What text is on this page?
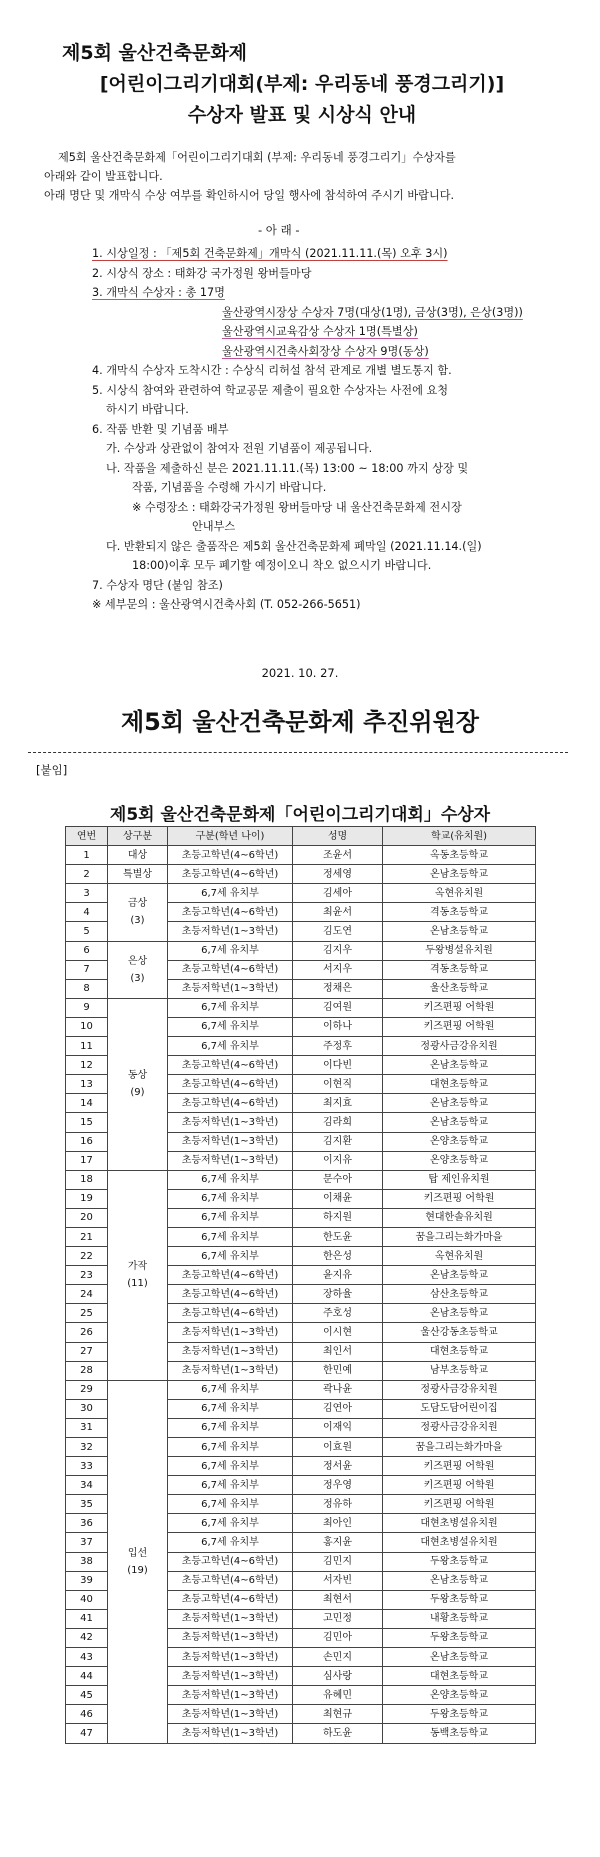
제5회 울산건축문화제
[어린이그리기대회(부제: 우리동네 풍경그리기)]
수상자 발표 및 시상식 안내

제5회 울산건축문화제「어린이그리기대회 (부제: 우리동네 풍경그리기」수상자를

아래와 같이 발표합니다.

아래 명단 및 개막식 수상 여부를 확인하시어 당일 행사에 참석하여 주시기 바랍니다.

- 아 래 -
1. 시상일정 : 「제5회 건축문화제」개막식 (2021.11.11.(목) 오후 3시)
2. 시상식 장소 : 태화강 국가정원 왕버들마당
3. 개막식 수상자 : 총 17명
울산광역시장상 수상자 7명(대상(1명), 금상(3명), 은상(3명))
울산광역시교육감상 수상자 1명(특별상)
울산광역시건축사회장상 수상자 9명(동상)
4. 개막식 수상자 도착시간 : 수상식 리허설 참석 관계로 개별 별도통지 함.
5. 시상식 참여와 관련하여 학교공문 제출이 필요한 수상자는 사전에 요청
하시기 바랍니다.
6. 작품 반환 및 기념품 배부
가. 수상과 상관없이 참여자 전원 기념품이 제공됩니다.
나. 작품을 제출하신 분은 2021.11.11.(목) 13:00 ~ 18:00 까지 상장 및
작품, 기념품을 수령해 가시기 바랍니다.
※ 수령장소 : 태화강국가정원 왕버들마당 내 울산건축문화제 전시장
안내부스
다. 반환되지 않은 출품작은 제5회 울산건축문화제 폐막일 (2021.11.14.(일)
18:00)이후 모두 폐기할 예정이오니 착오 없으시기 바랍니다.
7. 수상자 명단 (붙임 참조)
※ 세부문의 : 울산광역시건축사회 (T. 052-266-5651)
2021. 10. 27.
제5회 울산건축문화제 추진위원장
[붙임]
제5회 울산건축문화제「어린이그리기대회」수상자
연번	상구분	구분(학년 나이)	성명	학교(유치원)
1	대상	초등고학년(4~6학년)	조윤서	옥동초등학교
2	특별상	초등고학년(4~6학년)	정세영	온남초등학교
3	금상
(3)	6,7세 유치부	김세아	옥현유치원
4		초등고학년(4~6학년)	최윤서	격동초등학교
5		초등저학년(1~3학년)	김도연	온남초등학교
6	은상
(3)	6,7세 유치부	김지우	두왕병설유치원
7		초등고학년(4~6학년)	서지우	격동초등학교
8		초등저학년(1~3학년)	정채은	울산초등학교
9	동상
(9)	6,7세 유치부	김여원	키즈편핑 어학원
10		6,7세 유치부	이하나	키즈편핑 어학원
11		6,7세 유치부	주정후	정광사금강유치원
12		초등고학년(4~6학년)	이다빈	온남초등학교
13		초등고학년(4~6학년)	이현직	대현초등학교
14		초등고학년(4~6학년)	최지효	온남초등학교
15		초등저학년(1~3학년)	김라희	온남초등학교
16		초등저학년(1~3학년)	김지환	온양초등학교
17		초등저학년(1~3학년)	이지유	온양초등학교
18	가작
(11)	6,7세 유치부	문수아	탑 제인유치원
19		6,7세 유치부	이채윤	키즈편핑 어학원
20		6,7세 유치부	하지원	현대한솔유치원
21		6,7세 유치부	한도윤	꿈을그리는화가마을
22		6,7세 유치부	한은성	옥현유치원
23		초등고학년(4~6학년)	윤지유	온남초등학교
24		초등고학년(4~6학년)	장하율	삼산초등학교
25		초등고학년(4~6학년)	주호성	온남초등학교
26		초등저학년(1~3학년)	이시현	울산강동초등학교
27		초등저학년(1~3학년)	최인서	대현초등학교
28		초등저학년(1~3학년)	한민예	남부초등학교
29	입선
(19)	6,7세 유치부	곽나윤	정광사금강유치원
30		6,7세 유치부	김연아	도담도담어린이집
31		6,7세 유치부	이재익	정광사금강유치원
32		6,7세 유치부	이효원	꿈을그리는화가마을
33		6,7세 유치부	정서윤	키즈편핑 어학원
34		6,7세 유치부	정우영	키즈편핑 어학원
35		6,7세 유치부	정유하	키즈편핑 어학원
36		6,7세 유치부	최아인	대현초병설유치원
37		6,7세 유치부	홍지윤	대현초병설유치원
38		초등고학년(4~6학년)	김민지	두왕초등학교
39		초등고학년(4~6학년)	서자빈	온남초등학교
40		초등고학년(4~6학년)	최현서	두왕초등학교
41		초등저학년(1~3학년)	고민정	내황초등학교
42		초등저학년(1~3학년)	김민아	두왕초등학교
43		초등저학년(1~3학년)	손민지	온남초등학교
44		초등저학년(1~3학년)	심사랑	대현초등학교
45		초등저학년(1~3학년)	유혜민	온양초등학교
46		초등저학년(1~3학년)	최현규	두왕초등학교
47		초등저학년(1~3학년)	하도윤	동백초등학교
